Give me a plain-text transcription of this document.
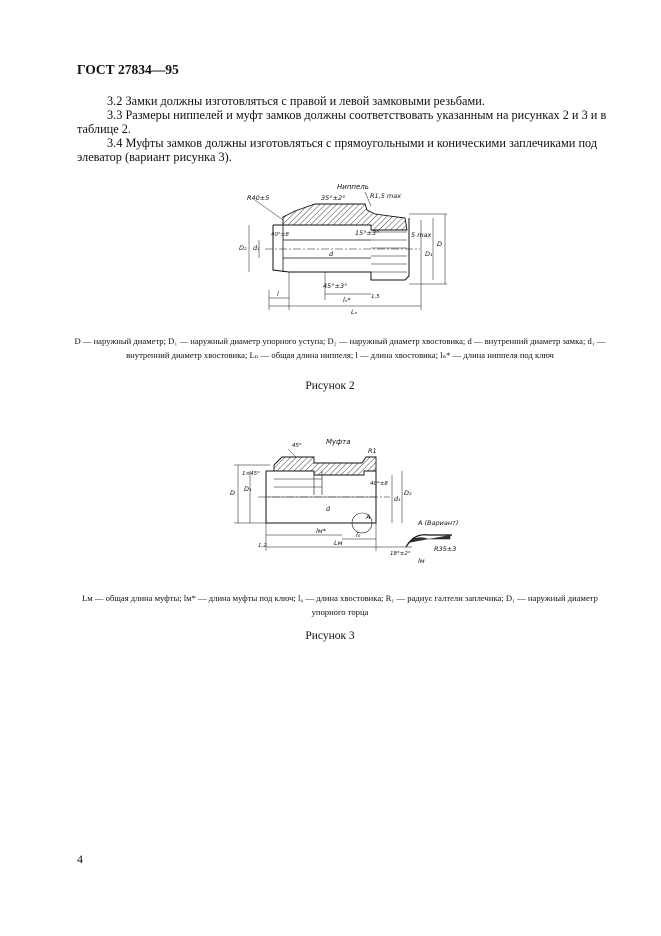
ГОСТ 27834—95

3.2 Замки должны изготовляться с правой и левой замковыми резьбами.

3.3 Размеры ниппелей и муфт замков должны соответствовать указанным на рисунках 2 и 3 и в таблице 2.

3.4 Муфты замков должны изготовляться с прямоугольными и коническими заплечиками под элеватор (вариант рисунка 3).

Ниппель
R40±5	35°±2°	R1,5 max
40°±8	15°±3°	5 max
D₂ d₁
d	D₁
D
45°±3°
1,5
l
lₙ*
Lₙ

D — наружный диаметр; D₁ — наружный диаметр упорного уступа; D₂ — наружный диаметр хвостовика; d — внутренний диаметр замка; d₁ — внутренний диаметр хвостовика; Lₙ — общая длина ниппеля; l — длина хвостовика; lₙ* — длина ниппеля под ключ

Рисунок 2
Муфта
45°
R1
1×45°
D₁
D
40°±8
d₁
D₂
d
A
A (Вариант)
lм*	l₀
Lм
1,2
18°±2°
R35±3
lм

Lм — общая длина муфты; lм* — длина муфты под ключ; l₀ — длина хвостовика; R₁ — радиус галтели заплечика; D₁ — наружный диаметр упорного торца

Рисунок 3
4
